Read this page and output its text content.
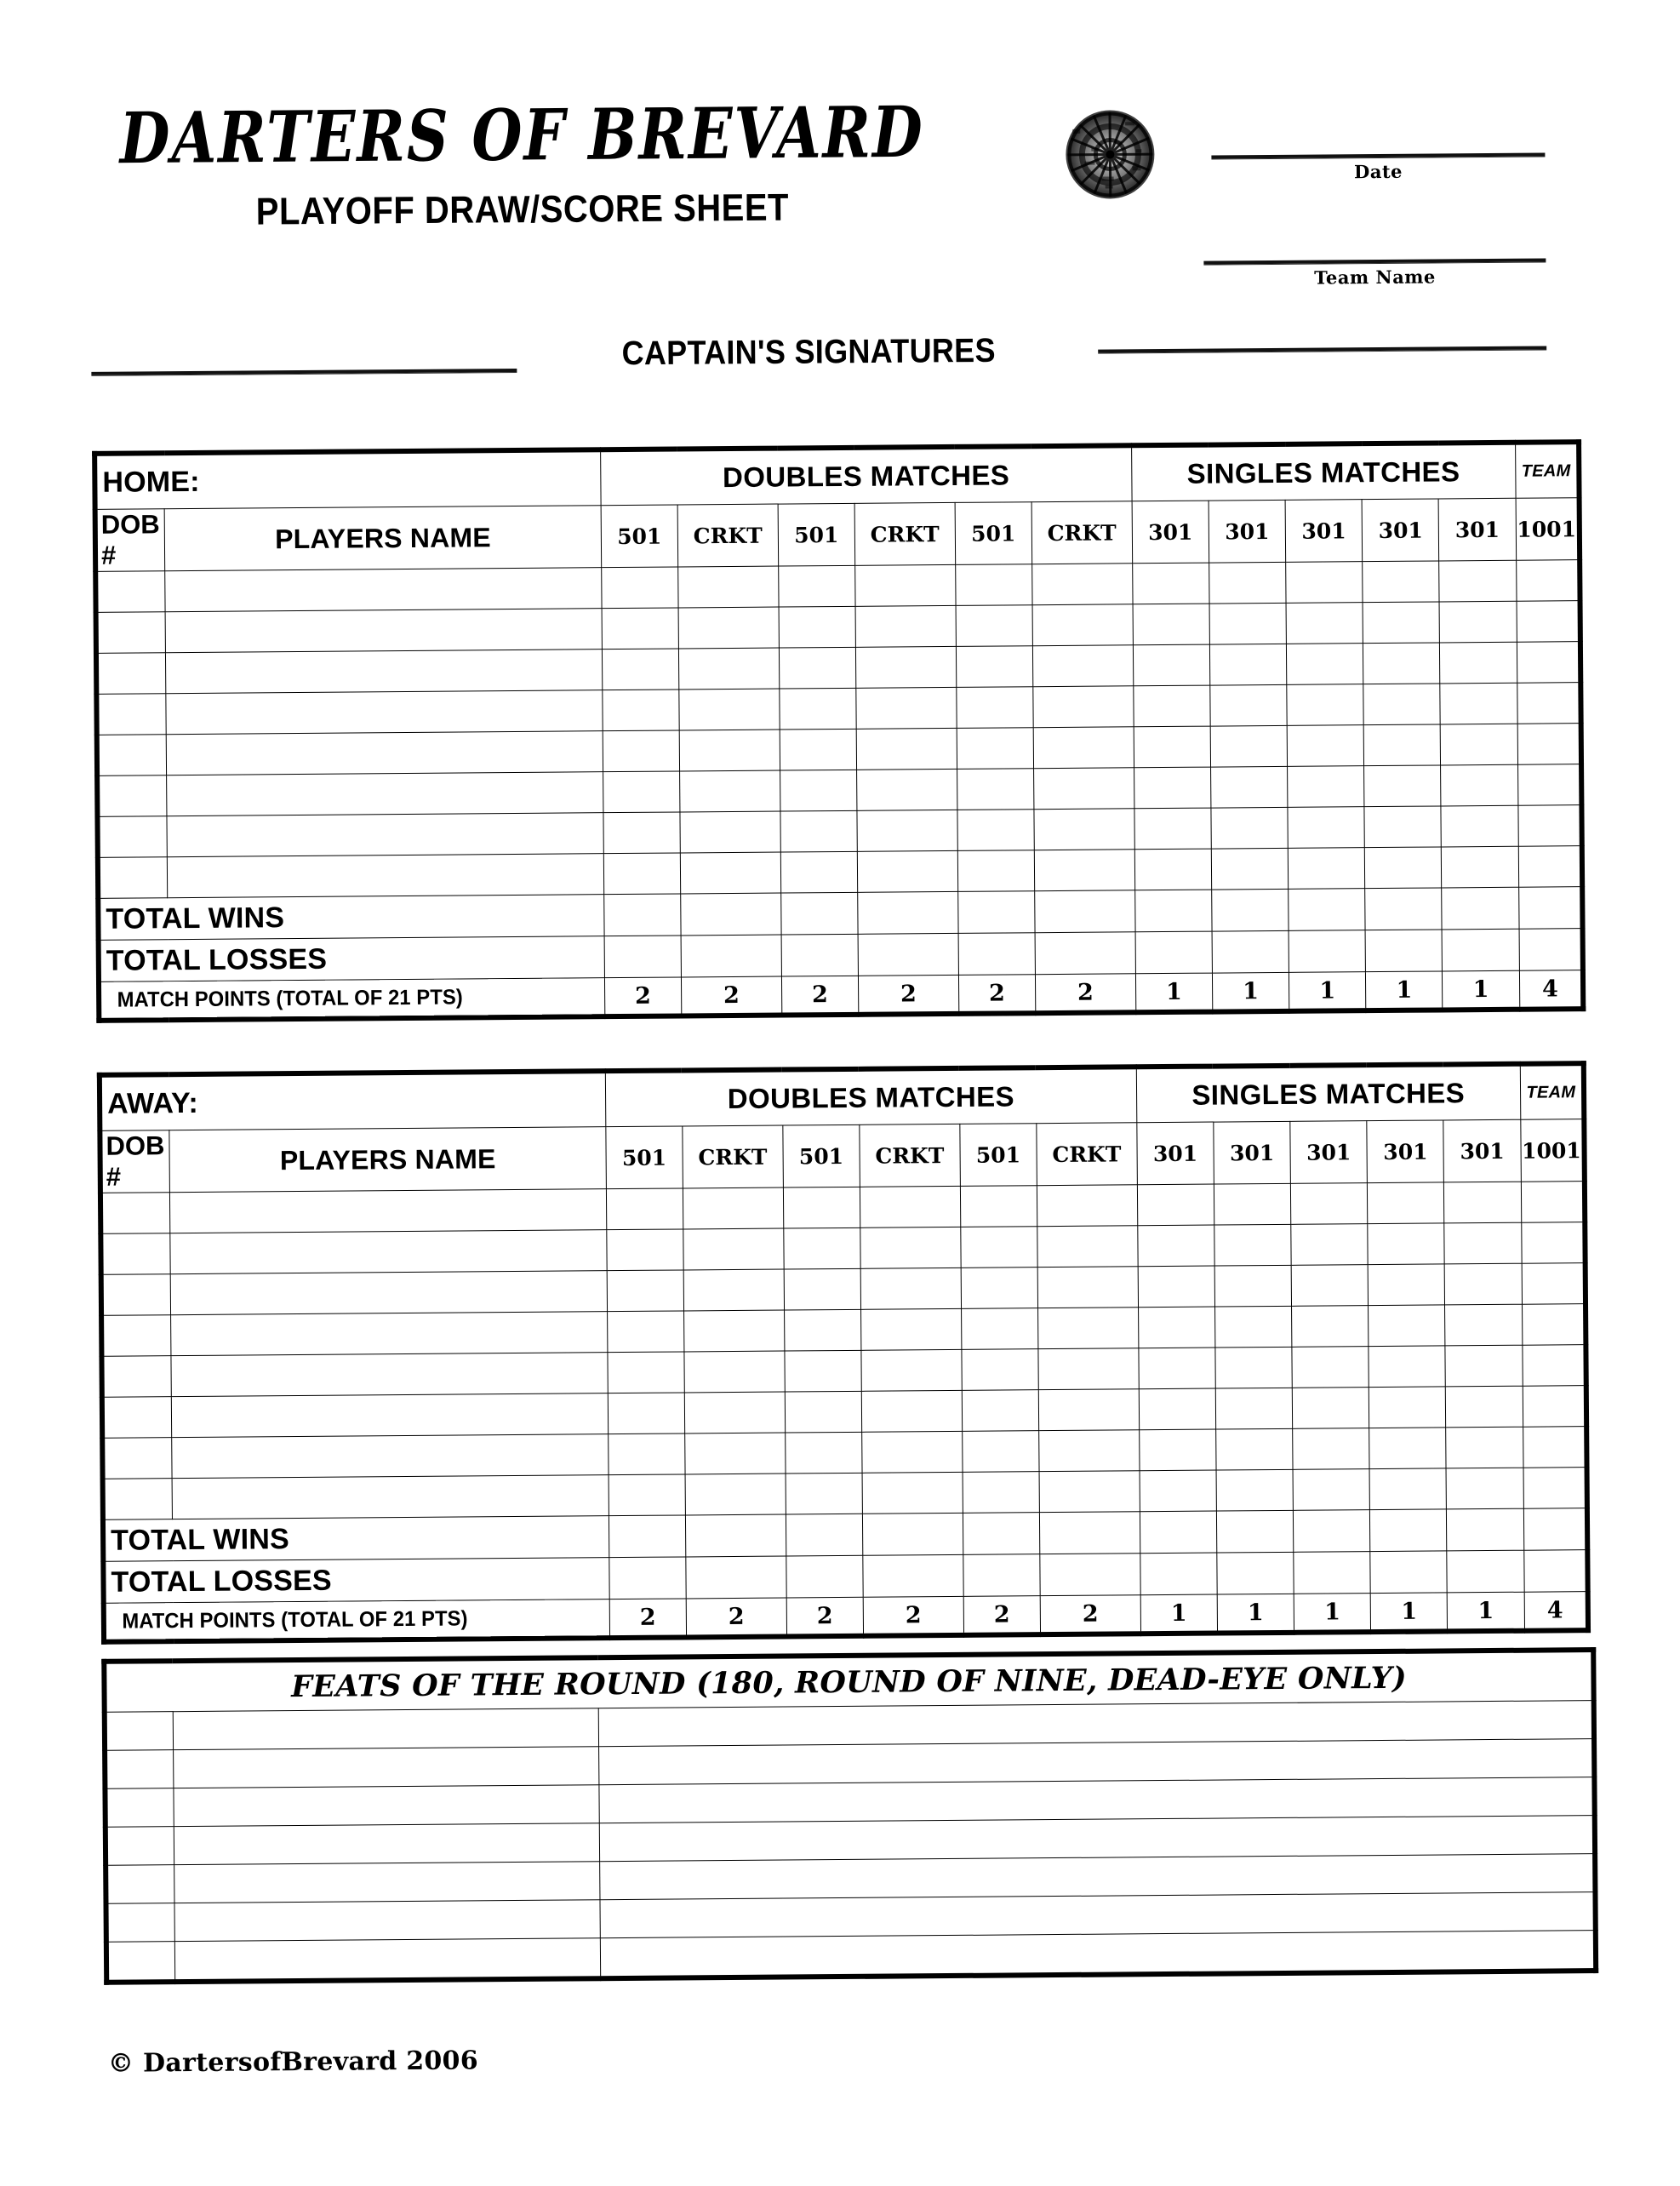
DARTERS OF BREVARD
PLAYOFF DRAW/SCORE SHEET
Date
Team Name
CAPTAIN'S SIGNATURES
HOME:		DOUBLES MATCHES						SINGLES MATCHES					TEAM
DOB #	PLAYERS NAME	501	CRKT	501	CRKT	501	CRKT	301	301	301	301	301	1001

TOTAL WINS													
TOTAL LOSSES													
MATCH POINTS (TOTAL OF 21 PTS)		2	2	2	2	2	2	1	1	1	1	1	4
AWAY:		DOUBLES MATCHES						SINGLES MATCHES					TEAM
DOB #	PLAYERS NAME	501	CRKT	501	CRKT	501	CRKT	301	301	301	301	301	1001

TOTAL WINS													
TOTAL LOSSES													
MATCH POINTS (TOTAL OF 21 PTS)		2	2	2	2	2	2	1	1	1	1	1	4
FEATS OF THE ROUND (180, ROUND OF NINE, DEAD-EYE ONLY)		

© DartersofBrevard 2006
